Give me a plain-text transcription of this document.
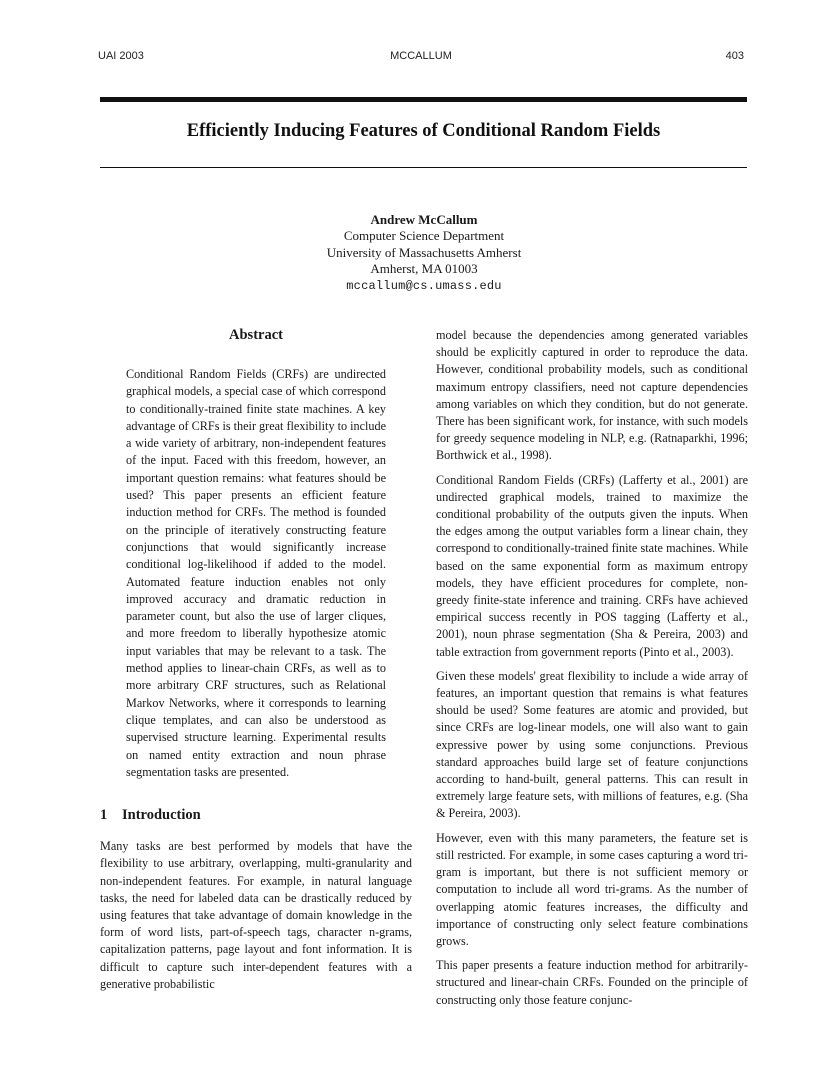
UAI 2003	MCCALLUM	403
Efficiently Inducing Features of Conditional Random Fields
Andrew McCallum
Computer Science Department
University of Massachusetts Amherst
Amherst, MA 01003
mccallum@cs.umass.edu
Abstract

Conditional Random Fields (CRFs) are undirected graphical models, a special case of which correspond to conditionally-trained finite state machines. A key advantage of CRFs is their great flexibility to include a wide variety of arbitrary, non-independent features of the input. Faced with this freedom, however, an important question remains: what features should be used? This paper presents an efficient feature induction method for CRFs. The method is founded on the principle of iteratively constructing feature conjunctions that would significantly increase conditional log-likelihood if added to the model. Automated feature induction enables not only improved accuracy and dramatic reduction in parameter count, but also the use of larger cliques, and more freedom to liberally hypothesize atomic input variables that may be relevant to a task. The method applies to linear-chain CRFs, as well as to more arbitrary CRF structures, such as Relational Markov Networks, where it corresponds to learning clique templates, and can also be understood as supervised structure learning. Experimental results on named entity extraction and noun phrase segmentation tasks are presented.

1 Introduction

Many tasks are best performed by models that have the flexibility to use arbitrary, overlapping, multi-granularity and non-independent features. For example, in natural language tasks, the need for labeled data can be drastically reduced by using features that take advantage of domain knowledge in the form of word lists, part-of-speech tags, character n-grams, capitalization patterns, page layout and font information. It is difficult to capture such inter-dependent features with a generative probabilistic

model because the dependencies among generated variables should be explicitly captured in order to reproduce the data. However, conditional probability models, such as conditional maximum entropy classifiers, need not capture dependencies among variables on which they condition, but do not generate. There has been significant work, for instance, with such models for greedy sequence modeling in NLP, e.g. (Ratnaparkhi, 1996; Borthwick et al., 1998).

Conditional Random Fields (CRFs) (Lafferty et al., 2001) are undirected graphical models, trained to maximize the conditional probability of the outputs given the inputs. When the edges among the output variables form a linear chain, they correspond to conditionally-trained finite state machines. While based on the same exponential form as maximum entropy models, they have efficient procedures for complete, non-greedy finite-state inference and training. CRFs have achieved empirical success recently in POS tagging (Lafferty et al., 2001), noun phrase segmentation (Sha & Pereira, 2003) and table extraction from government reports (Pinto et al., 2003).

Given these models' great flexibility to include a wide array of features, an important question that remains is what features should be used? Some features are atomic and provided, but since CRFs are log-linear models, one will also want to gain expressive power by using some conjunctions. Previous standard approaches build large set of feature conjunctions according to hand-built, general patterns. This can result in extremely large feature sets, with millions of features, e.g. (Sha & Pereira, 2003).

However, even with this many parameters, the feature set is still restricted. For example, in some cases capturing a word tri-gram is important, but there is not sufficient memory or computation to include all word tri-grams. As the number of overlapping atomic features increases, the difficulty and importance of constructing only select feature combinations grows.

This paper presents a feature induction method for arbitrarily-structured and linear-chain CRFs. Founded on the principle of constructing only those feature conjunc-
